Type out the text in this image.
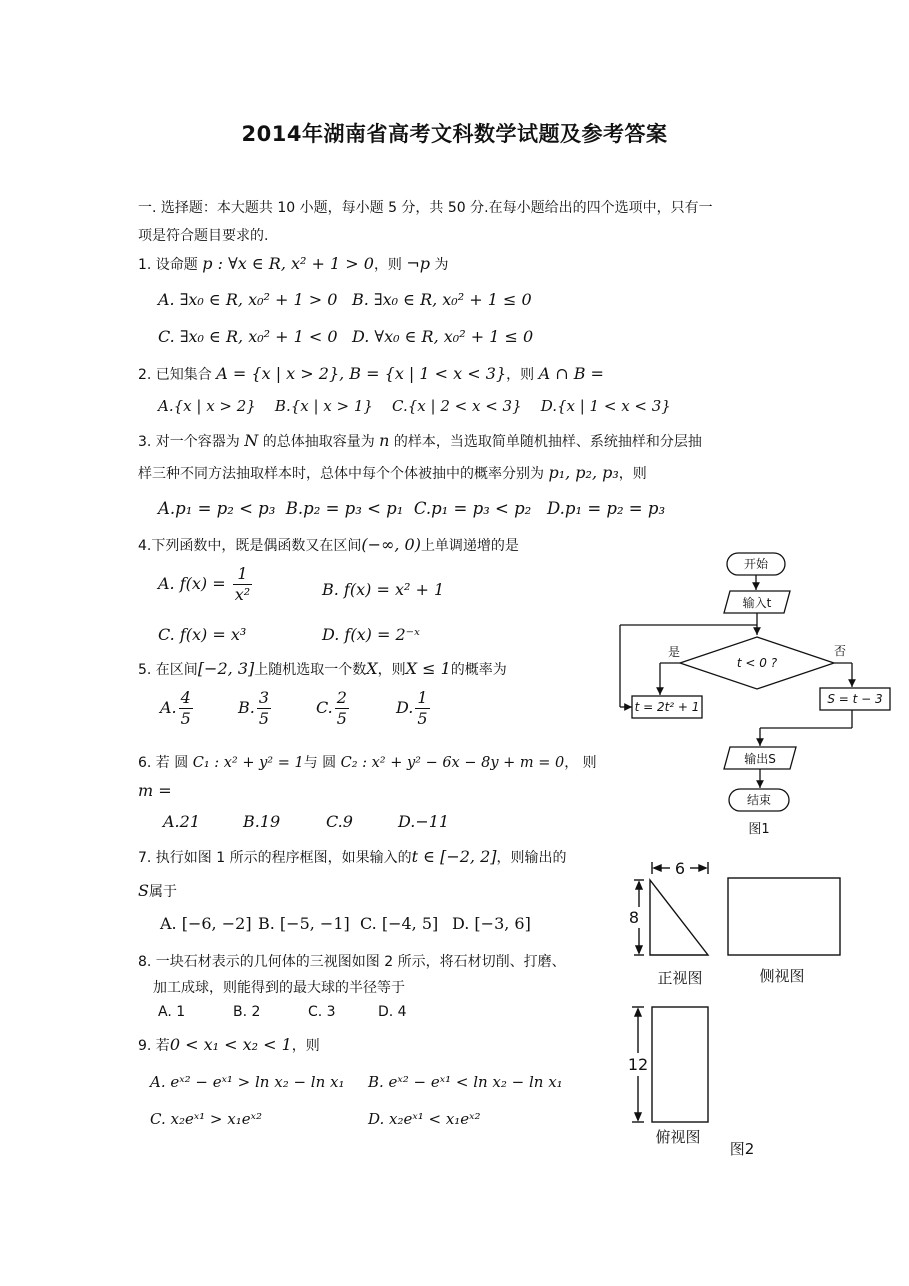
2014年湖南省高考文科数学试题及参考答案
一. 选择题：本大题共 10 小题，每小题 5 分，共 50 分.在每小题给出的四个选项中，只有一
项是符合题目要求的.
1. 设命题 p : ∀x ∈ R, x² + 1 > 0，则 ¬p 为
A. ∃x₀ ∈ R, x₀² + 1 > 0 B. ∃x₀ ∈ R, x₀² + 1 ≤ 0
C. ∃x₀ ∈ R, x₀² + 1 < 0 D. ∀x₀ ∈ R, x₀² + 1 ≤ 0
2. 已知集合 A = {x | x > 2}, B = {x | 1 < x < 3}，则 A ∩ B =
A.{x | x > 2}    B.{x | x > 1}    C.{x | 2 < x < 3}    D.{x | 1 < x < 3}
3. 对一个容器为 N 的总体抽取容量为 n 的样本，当选取简单随机抽样、系统抽样和分层抽
样三种不同方法抽取样本时，总体中每个个体被抽中的概率分别为 p₁, p₂, p₃，则
A.p₁ = p₂ < p₃  B.p₂ = p₃ < p₁  C.p₁ = p₃ < p₂   D.p₁ = p₂ = p₃
4.下列函数中，既是偶函数又在区间(−∞, 0)上单调递增的是
A. $f(x) = \frac{1}{\text{x²}}$	B. f(x) = x² + 1
C. f(x) = x³	D. f(x) = 2⁻ˣ
5. 在区间[−2, 3]上随机选取一个数X，则X ≤ 1的概率为
A. $\frac{4}{5}$	B. $\frac{3}{5}$	C. $\frac{2}{5}$	D. $\frac{1}{5}$
6. 若 圆 C₁ : x² + y² = 1与 圆 C₂ : x² + y² − 6x − 8y + m = 0， 则
m =
A.21	B.19	C.9	D.−11
7. 执行如图 1 所示的程序框图，如果输入的t ∈ [−2, 2]，则输出的
S属于
A. [−6, −2] B. [−5, −1] C. [−4, 5] D. [−3, 6]
8. 一块石材表示的几何体的三视图如图 2 所示，将石材切削、打磨、
加工成球，则能得到的最大球的半径等于
A. 1	B. 2	C. 3	D. 4
9. 若0 < x₁ < x₂ < 1，则
A. eˣ² − eˣ¹ > ln x₂ − ln x₁ B. eˣ² − eˣ¹ < ln x₂ − ln x₁
C. x₂eˣ¹ > x₁eˣ²	D. x₂eˣ¹ < x₁eˣ²
开始
输入t
t < 0 ?
是	否
t = 2t² + 1
S = t − 3
输出S
结束
图1
6
8
12
正视图	侧视图
俯视图
图2
